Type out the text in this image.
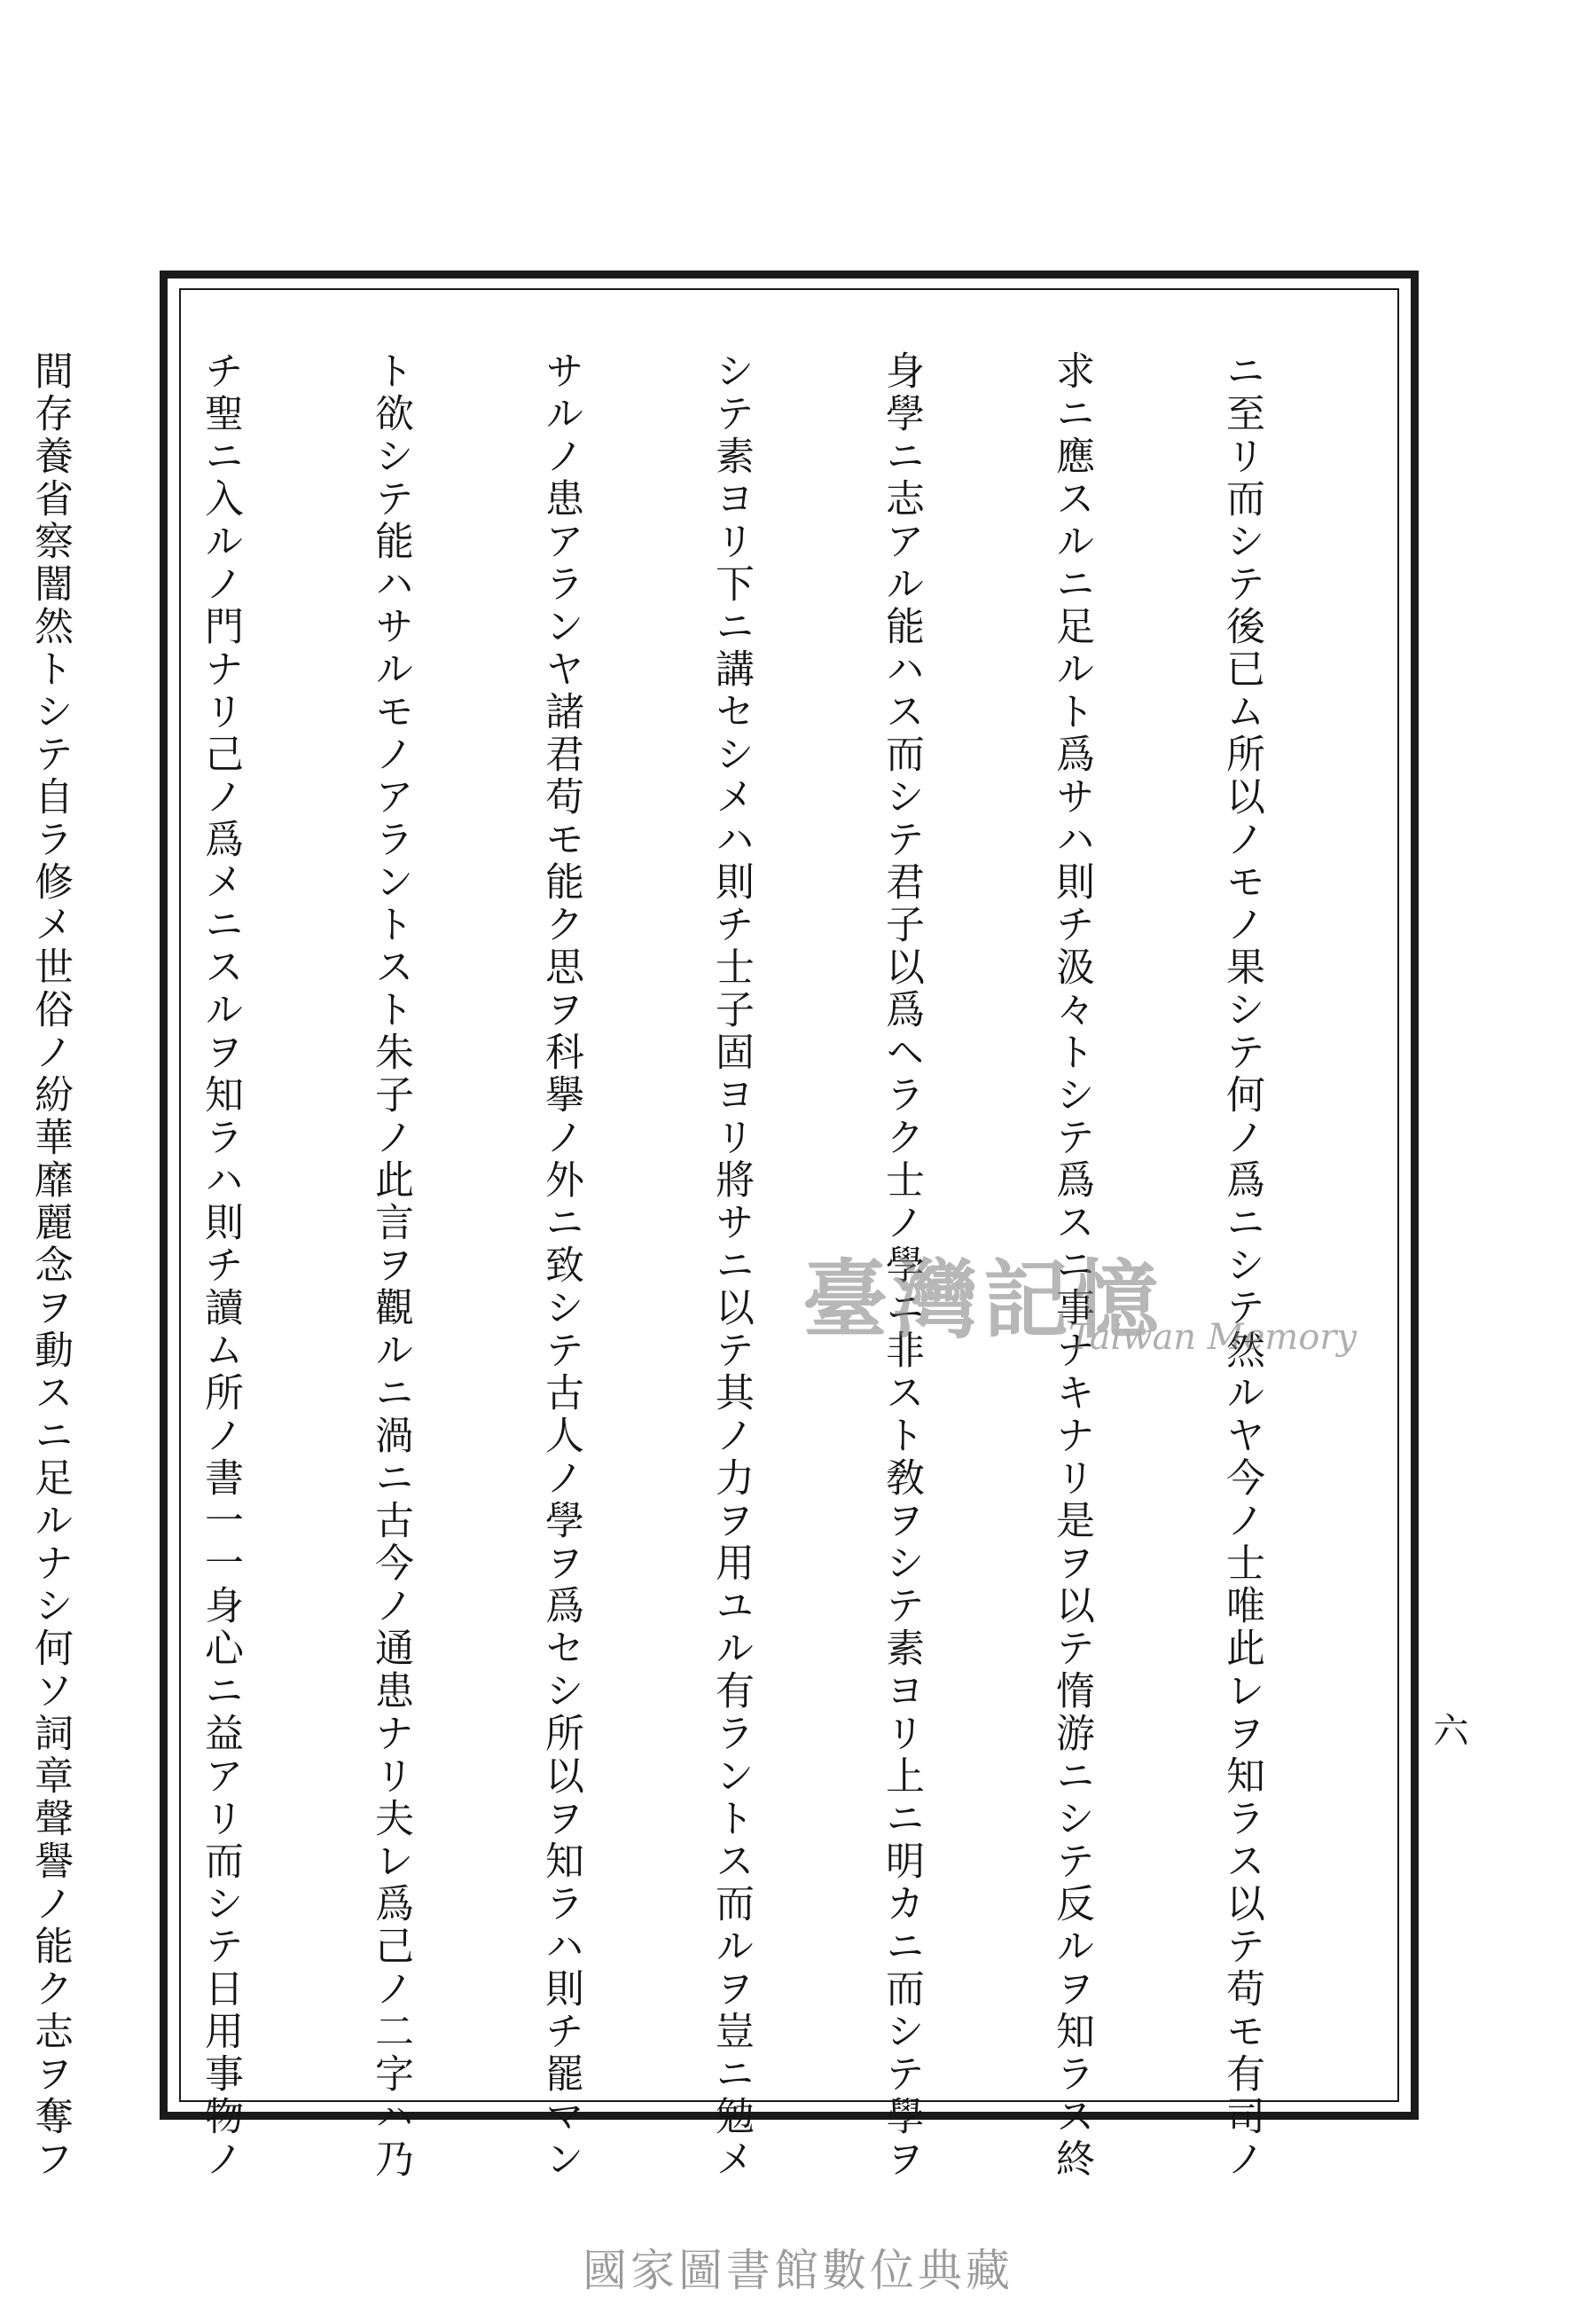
ニ至リ而シテ後已ム所以ノモノ果シテ何ノ爲ニシテ然ルヤ今ノ士唯此レヲ知ラス以テ苟モ有司ノ

求ニ應スルニ足ルト爲サハ則チ汲々トシテ爲スニ事ナキナリ是ヲ以テ惰游ニシテ反ルヲ知ラス終

身學ニ志アル能ハス而シテ君子以爲ヘラク士ノ學ニ非スト敎ヲシテ素ヨリ上ニ明カニ而シテ學ヲ

シテ素ヨリ下ニ講セシメハ則チ士子固ヨリ將サニ以テ其ノ力ヲ用ユル有ラントス而ルヲ豈ニ勉メ

サルノ患アランヤ諸君苟モ能ク思ヲ科擧ノ外ニ致シテ古人ノ學ヲ爲セシ所以ヲ知ラハ則チ罷マン

ト欲シテ能ハサルモノアラントスト朱子ノ此言ヲ觀ルニ渦ニ古今ノ通患ナリ夫レ爲己ノ二字ハ乃

チ聖ニ入ルノ門ナリ己ノ爲メニスルヲ知ラハ則チ讀ム所ノ書一一身心ニ益アリ而シテ日用事物ノ

間存養省察闇然トシテ自ラ修メ世俗ノ紛華靡麗念ヲ動スニ足ルナシ何ソ詞章聲譽ノ能ク志ヲ奪フ

	六
臺灣記憶
Taiwan Memory
國家圖書館數位典藏
